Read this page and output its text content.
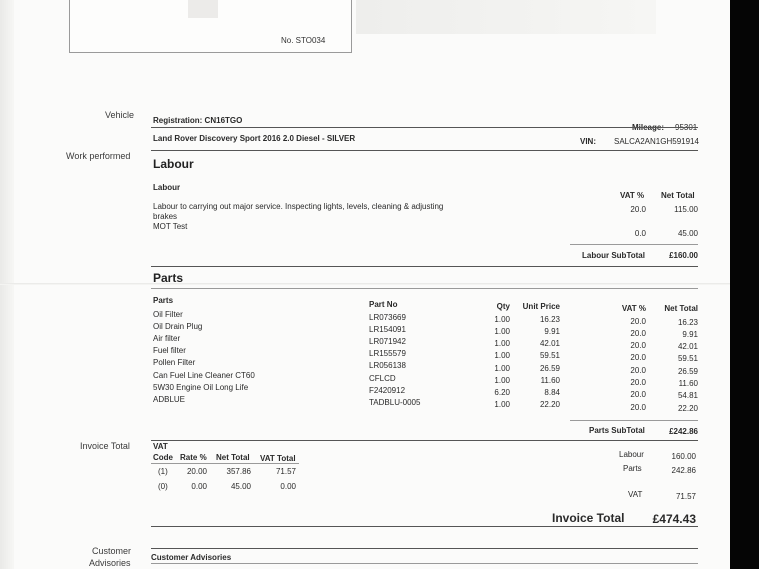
No. STO034
Vehicle
Registration: CN16TGO
Land Rover Discovery Sport 2016 2.0 Diesel - SILVER	VIN: SALCA2AN1GH591914
Work performed
Labour
Labour
VAT % Net Total
Labour to carrying out major service. Inspecting lights, levels, cleaning & adjusting
brakes
20.0	115.00
MOT Test
0.0	45.00
Labour SubTotal	£160.00
Parts
Parts	Part No	Qty	Unit Price	VAT %	Net Total
Oil Filter	LR073669	1.00	16.23	20.0	16.23
Oil Drain Plug	LR154091	1.00	9.91	20.0	9.91
Air filter	LR071942	1.00	42.01	20.0	42.01
Fuel filter	LR155579	1.00	59.51	20.0	59.51
Pollen Filter	LR056138	1.00	26.59	20.0	26.59
Can Fuel Line Cleaner CT60	CFLCD	1.00	11.60	20.0	11.60
5W30 Engine Oil Long Life	F2420912	6.20	8.84	20.0	54.81
ADBLUE	TADBLU-0005	1.00	22.20	20.0	22.20
Parts SubTotal	£242.86
Invoice Total	VAT
Code Rate % Net Total VAT Total
(1)	20.00	357.86	71.57
(0)	0.00	45.00	0.00
Labour	160.00
Parts	242.86
VAT	71.57
Invoice Total	£474.43
Customer
Advisories
Customer Advisories
